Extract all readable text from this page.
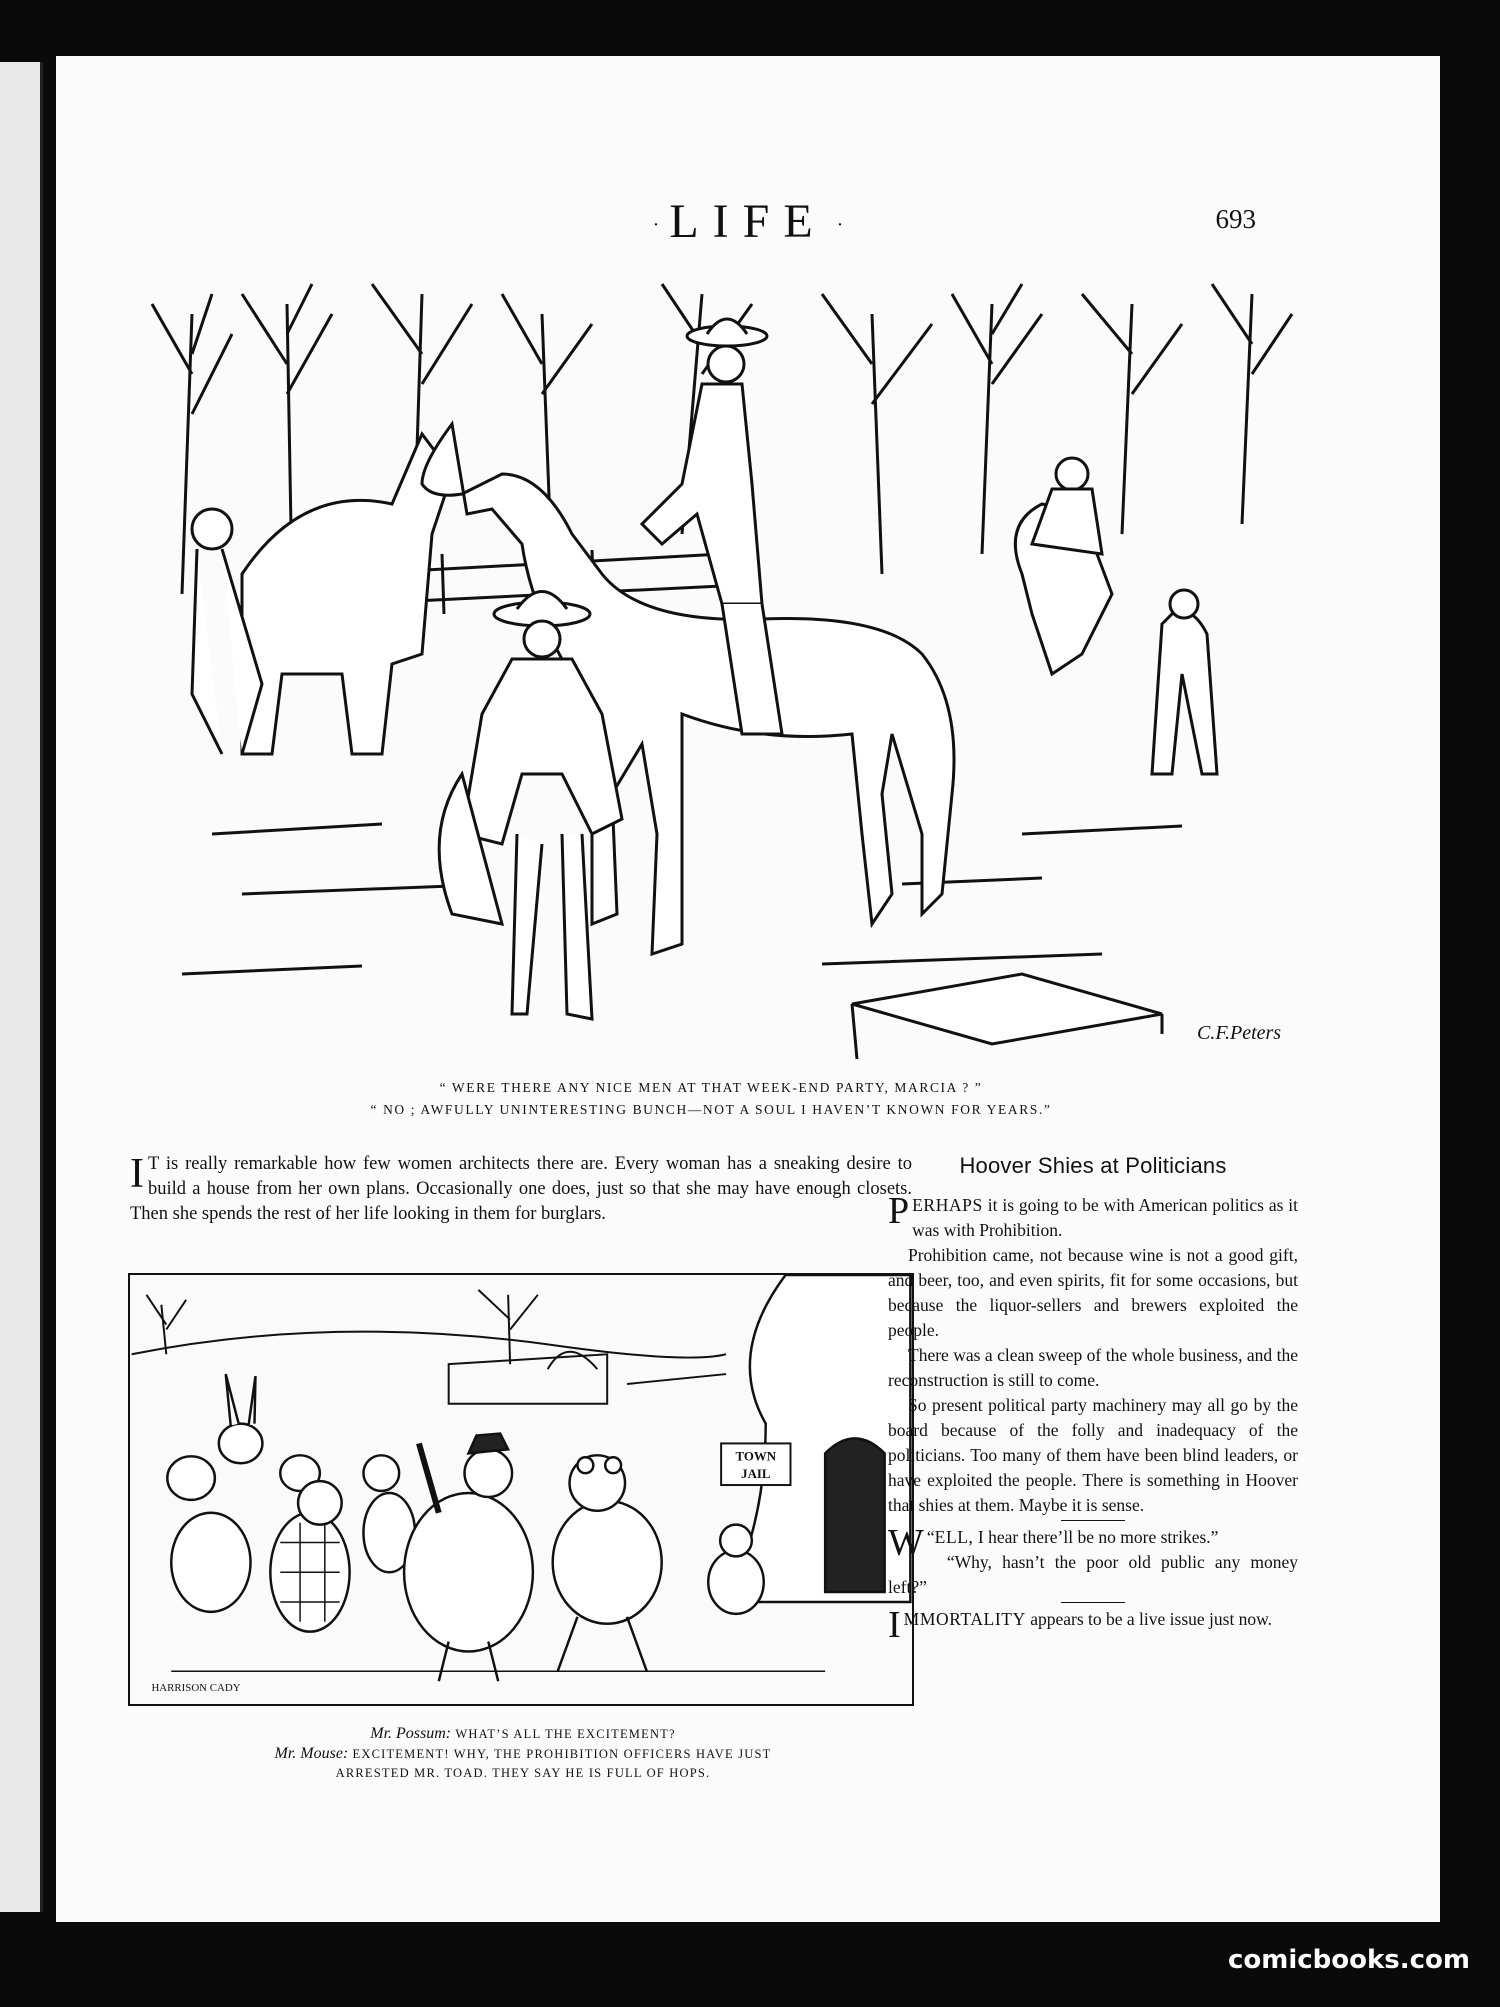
· LIFE ·	693
C.F.Peters
“ WERE THERE ANY NICE MEN AT THAT WEEK-END PARTY, MARCIA ? ”
“ NO ; AWFULLY UNINTERESTING BUNCH—NOT A SOUL I HAVEN’T KNOWN FOR YEARS.”
I T is really remarkable how few women architects there are. Every woman has a sneaking desire to build a house from her own plans. Occasionally one does, just so that she may have enough closets. Then she spends the rest of her life looking in them for burglars.
TOWN
JAIL
HARRISON CADY
Mr. Possum: WHAT’S ALL THE EXCITEMENT?
Mr. Mouse: EXCITEMENT! WHY, THE PROHIBITION OFFICERS HAVE JUST
ARRESTED MR. TOAD. THEY SAY HE IS FULL OF HOPS.
Hoover Shies at Politicians

PERHAPS it is going to be with American politics as it was with Prohibition.

Prohibition came, not because wine is not a good gift, and beer, too, and even spirits, fit for some occasions, but because the liquor-sellers and brewers exploited the people.

There was a clean sweep of the whole business, and the reconstruction is still to come.

So present political party machinery may all go by the board because of the folly and inadequacy of the politicians. Too many of them have been blind leaders, or have exploited the people. There is something in Hoover that shies at them. Maybe it is sense.

“
W ELL, I hear there’ll be no more strikes.”

“Why, hasn’t the poor old public any money left?”

IMMORTALITY appears to be a live issue just now.

comicbooks.com
